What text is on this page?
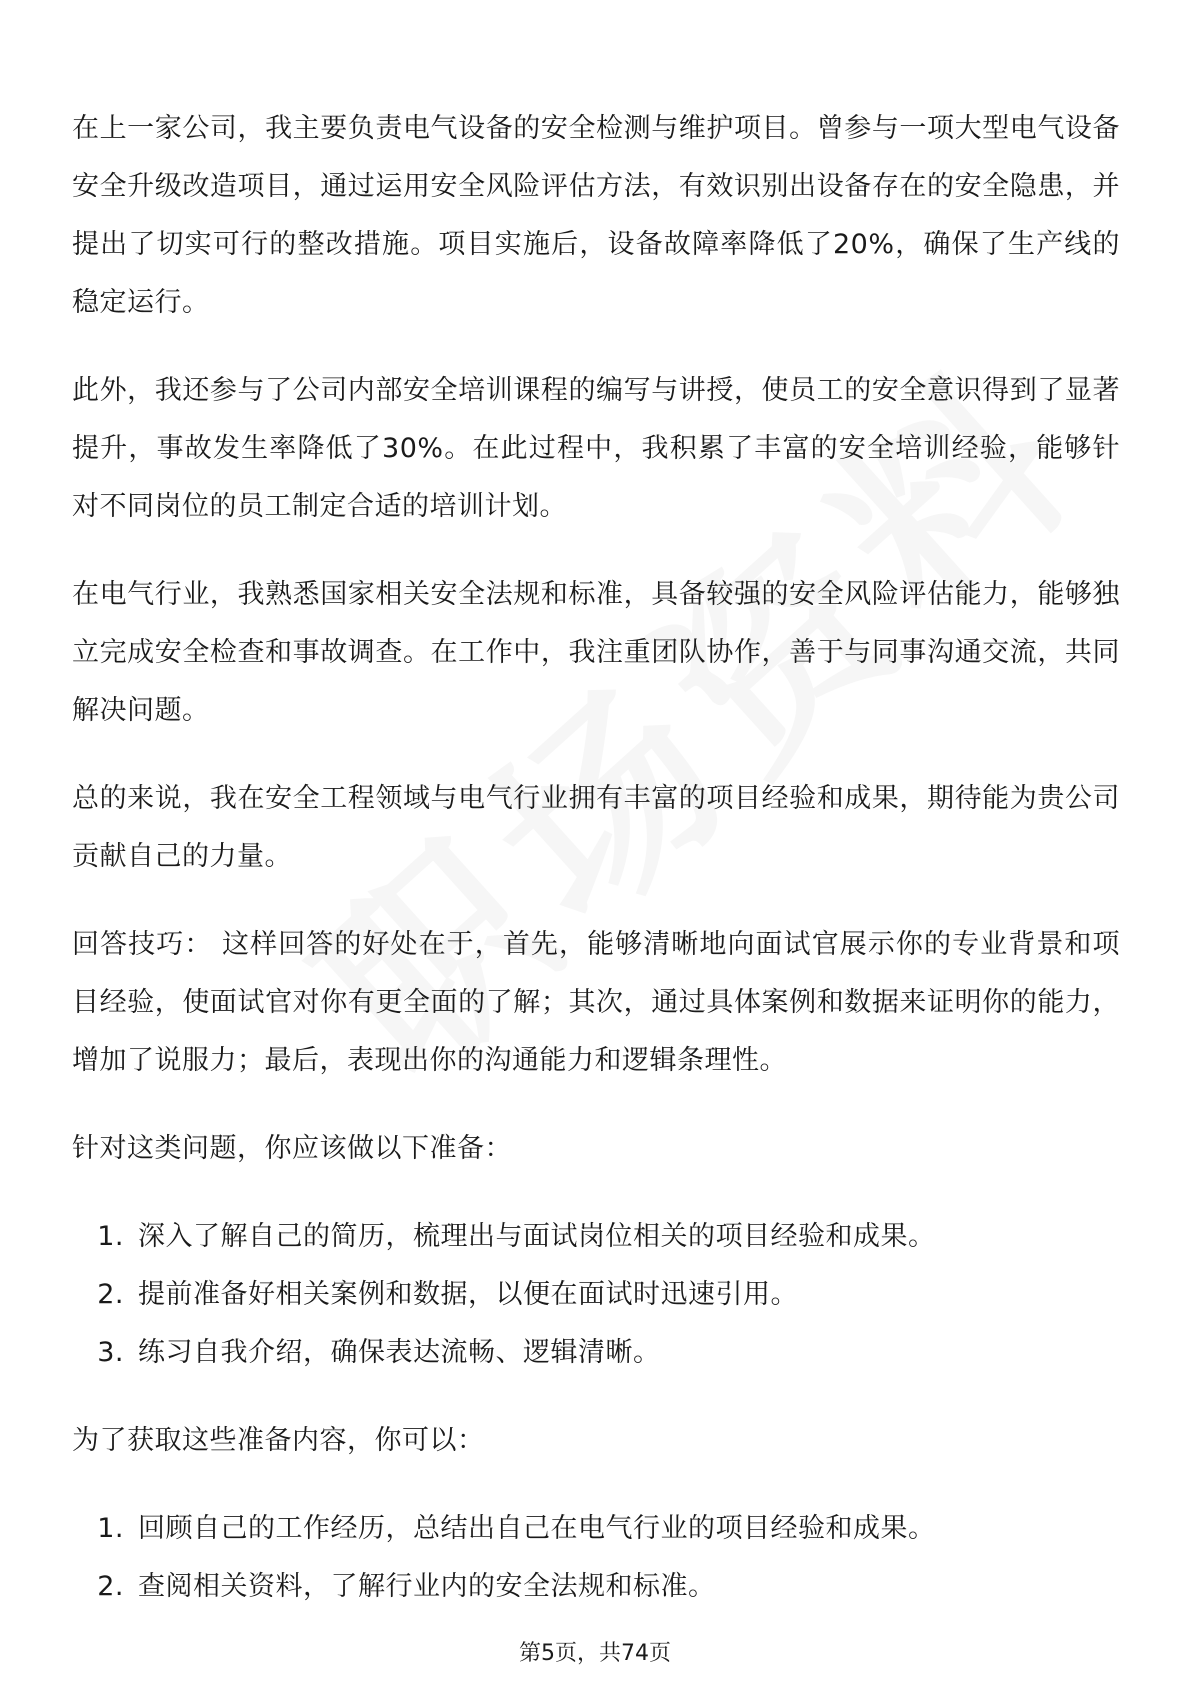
在上一家公司，我主要负责电气设备的安全检测与维护项目。曾参与一项大型电气设备安全升级改造项目，通过运用安全风险评估方法，有效识别出设备存在的安全隐患，并提出了切实可行的整改措施。项目实施后，设备故障率降低了20%，确保了生产线的稳定运行。

此外，我还参与了公司内部安全培训课程的编写与讲授，使员工的安全意识得到了显著提升，事故发生率降低了30%。在此过程中，我积累了丰富的安全培训经验，能够针对不同岗位的员工制定合适的培训计划。

在电气行业，我熟悉国家相关安全法规和标准，具备较强的安全风险评估能力，能够独立完成安全检查和事故调查。在工作中，我注重团队协作，善于与同事沟通交流，共同解决问题。

总的来说，我在安全工程领域与电气行业拥有丰富的项目经验和成果，期待能为贵公司贡献自己的力量。

回答技巧： 这样回答的好处在于，首先，能够清晰地向面试官展示你的专业背景和项目经验，使面试官对你有更全面的了解；其次，通过具体案例和数据来证明你的能力，增加了说服力；最后，表现出你的沟通能力和逻辑条理性。

针对这类问题，你应该做以下准备：

1. 深入了解自己的简历，梳理出与面试岗位相关的项目经验和成果。
2. 提前准备好相关案例和数据，以便在面试时迅速引用。
3. 练习自我介绍，确保表达流畅、逻辑清晰。

为了获取这些准备内容，你可以：

1. 回顾自己的工作经历，总结出自己在电气行业的项目经验和成果。
2. 查阅相关资料，了解行业内的安全法规和标准。
第5页，共74页
